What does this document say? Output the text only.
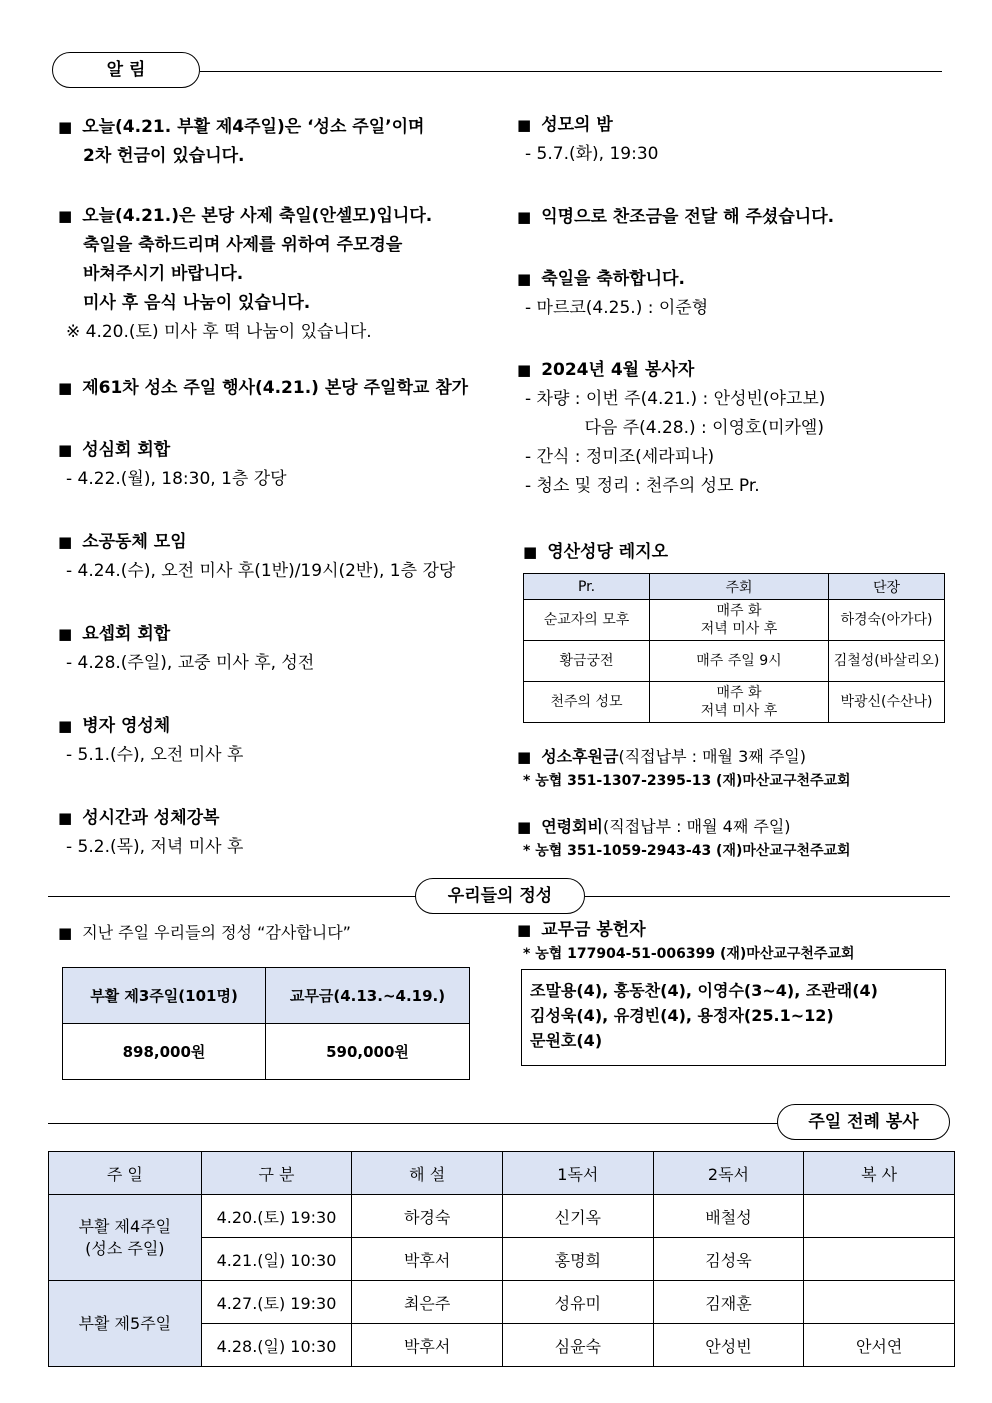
알 림
■ 오늘(4.21. 부활 제4주일)은 ‘성소 주일’이며
2차 헌금이 있습니다.
■ 오늘(4.21.)은 본당 사제 축일(안셀모)입니다.
축일을 축하드리며 사제를 위하여 주모경을
바쳐주시기 바랍니다.
미사 후 음식 나눔이 있습니다.
※ 4.20.(토) 미사 후 떡 나눔이 있습니다.
■ 제61차 성소 주일 행사(4.21.) 본당 주일학교 참가
■ 성심회 회합
- 4.22.(월), 18:30, 1층 강당
■ 소공동체 모임
- 4.24.(수), 오전 미사 후(1반)/19시(2반), 1층 강당
■ 요셉회 회합
- 4.28.(주일), 교중 미사 후, 성전
■ 병자 영성체
- 5.1.(수), 오전 미사 후
■ 성시간과 성체강복
- 5.2.(목), 저녁 미사 후
■ 성모의 밤
- 5.7.(화), 19:30
■ 익명으로 찬조금을 전달 해 주셨습니다.
■ 축일을 축하합니다.
- 마르코(4.25.) : 이준형
■ 2024년 4월 봉사자
- 차량 : 이번 주(4.21.) : 안성빈(야고보)
다음 주(4.28.) : 이영호(미카엘)
- 간식 : 정미조(세라피나)
- 청소 및 정리 : 천주의 성모 Pr.
■ 영산성당 레지오
Pr.	주회	단장
순교자의 모후	매주 화
저녁 미사 후	하경숙(아가다)
황금궁전	매주 주일 9시	김철성(바살리오)
천주의 성모	매주 화
저녁 미사 후	박광신(수산나)
■ 성소후원금(직접납부 : 매월 3째 주일)
* 농협 351-1307-2395-13 (재)마산교구천주교회
■ 연령회비(직접납부 : 매월 4째 주일)
* 농협 351-1059-2943-43 (재)마산교구천주교회
우리들의 정성
■ 지난 주일 우리들의 정성 “감사합니다”
부활 제3주일(101명)	교무금(4.13.~4.19.)
898,000원	590,000원
■ 교무금 봉헌자
* 농협 177904-51-006399 (재)마산교구천주교회
조말용(4), 홍동찬(4), 이영수(3~4), 조관래(4)
김성욱(4), 유경빈(4), 용정자(25.1~12)
문원호(4)
주일 전례 봉사
주 일	구 분	해 설	1독서	2독서	복 사
부활 제4주일
(성소 주일)	4.20.(토) 19:30	하경숙	신기옥	배철성	
	4.21.(일) 10:30	박후서	홍명희	김성욱	
부활 제5주일	4.27.(토) 19:30	최은주	성유미	김재훈	
	4.28.(일) 10:30	박후서	심윤숙	안성빈	안서연
